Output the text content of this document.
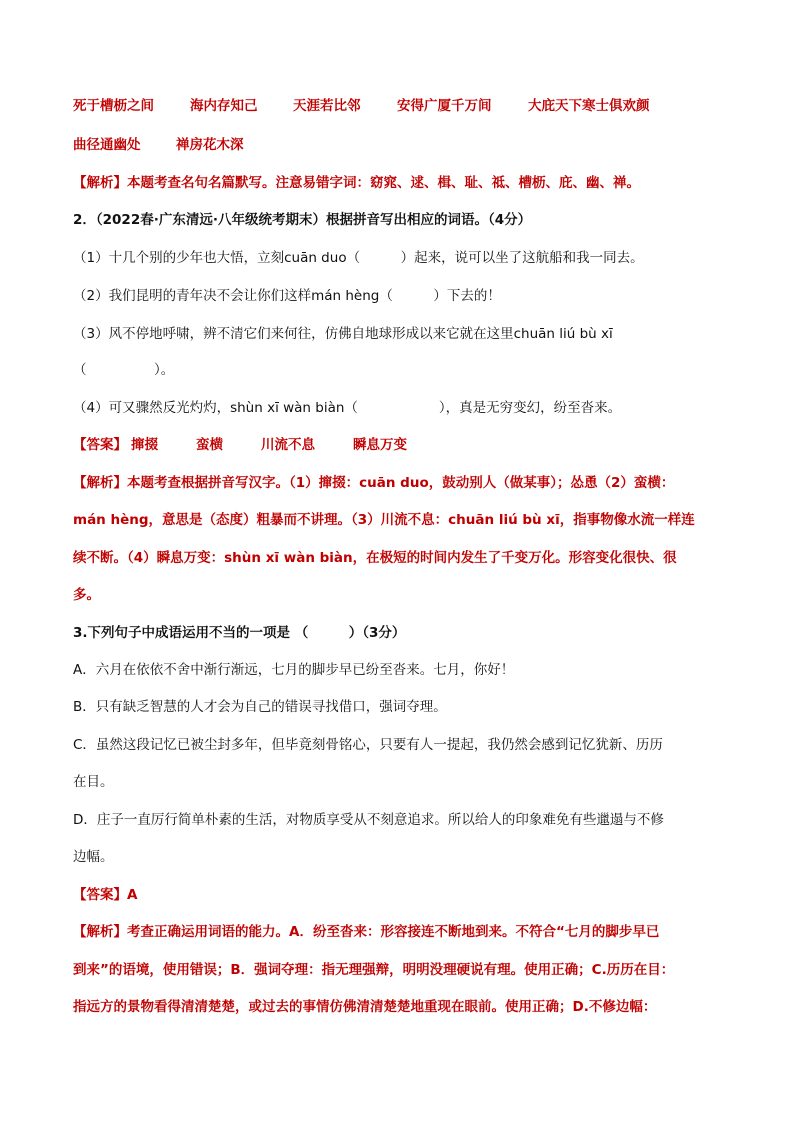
死于槽枥之间	海内存知己	天涯若比邻	安得广厦千万间	大庇天下寒士俱欢颜
曲径通幽处	禅房花木深
【解析】本题考查名句名篇默写。注意易错字词：窈窕、逑、楫、耻、祗、槽枥、庇、幽、禅。
2．（2022春·广东清远·八年级统考期末）根据拼音写出相应的词语。（4分）
（1）十几个别的少年也大悟，立刻cuān duo（　　　）起来，说可以坐了这航船和我一同去。
（2）我们昆明的青年决不会让你们这样mán hèng（　　　）下去的！
（3）风不停地呼啸，辨不清它们来何往，仿佛自地球形成以来它就在这里chuān liú bù xī
（　　　　　）。
（4）可又骤然反光灼灼，shùn xī wàn biàn（　　　　　　），真是无穷变幻，纷至沓来。
【答案】 撺掇	蛮横	川流不息	瞬息万变
【解析】本题考查根据拼音写汉字。（1）撺掇：cuān duo，鼓动别人（做某事）；怂恿（2）蛮横：
mán hèng，意思是（态度）粗暴而不讲理。（3）川流不息：chuān liú bù xī，指事物像水流一样连
续不断。（4）瞬息万变：shùn xī wàn biàn，在极短的时间内发生了千变万化。形容变化很快、很
多。
3.下列句子中成语运用不当的一项是 （　　　）（3分）
A．六月在依依不舍中渐行渐远，七月的脚步早已纷至沓来。七月，你好！
B．只有缺乏智慧的人才会为自己的错误寻找借口，强词夺理。
C．虽然这段记忆已被尘封多年，但毕竟刻骨铭心，只要有人一提起，我仍然会感到记忆犹新、历历
在目。
D．庄子一直厉行简单朴素的生活，对物质享受从不刻意追求。所以给人的印象难免有些邋遢与不修
边幅。
【答案】A
【解析】考查正确运用词语的能力。A．纷至沓来：形容接连不断地到来。不符合“七月的脚步早已
到来”的语境，使用错误；B．强词夺理：指无理强辩，明明没理硬说有理。使用正确；C.历历在目：
指远方的景物看得清清楚楚，或过去的事情仿佛清清楚楚地重现在眼前。使用正确；D.不修边幅：
